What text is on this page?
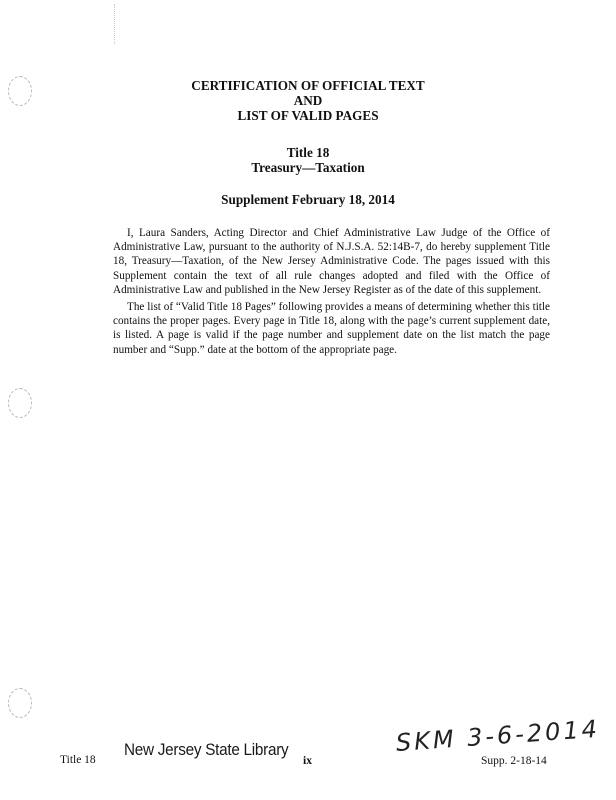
CERTIFICATION OF OFFICIAL TEXT
AND
LIST OF VALID PAGES
Title 18
Treasury—Taxation
Supplement February 18, 2014

I, Laura Sanders, Acting Director and Chief Administrative Law Judge of the Office of Administrative Law, pursuant to the authority of N.J.S.A. 52:14B-7, do hereby supplement Title 18, Treasury—Taxation, of the New Jersey Administrative Code. The pages issued with this Supplement contain the text of all rule changes adopted and filed with the Office of Administrative Law and published in the New Jersey Register as of the date of this supplement.

The list of “Valid Title 18 Pages” following provides a means of determining whether this title contains the proper pages. Every page in Title 18, along with the page’s current supplement date, is listed. A page is valid if the page number and supplement date on the list match the page number and “Supp.” date at the bottom of the appropriate page.

Title 18
New Jersey State Library
ix
SKM 3-6-2014
Supp. 2-18-14
